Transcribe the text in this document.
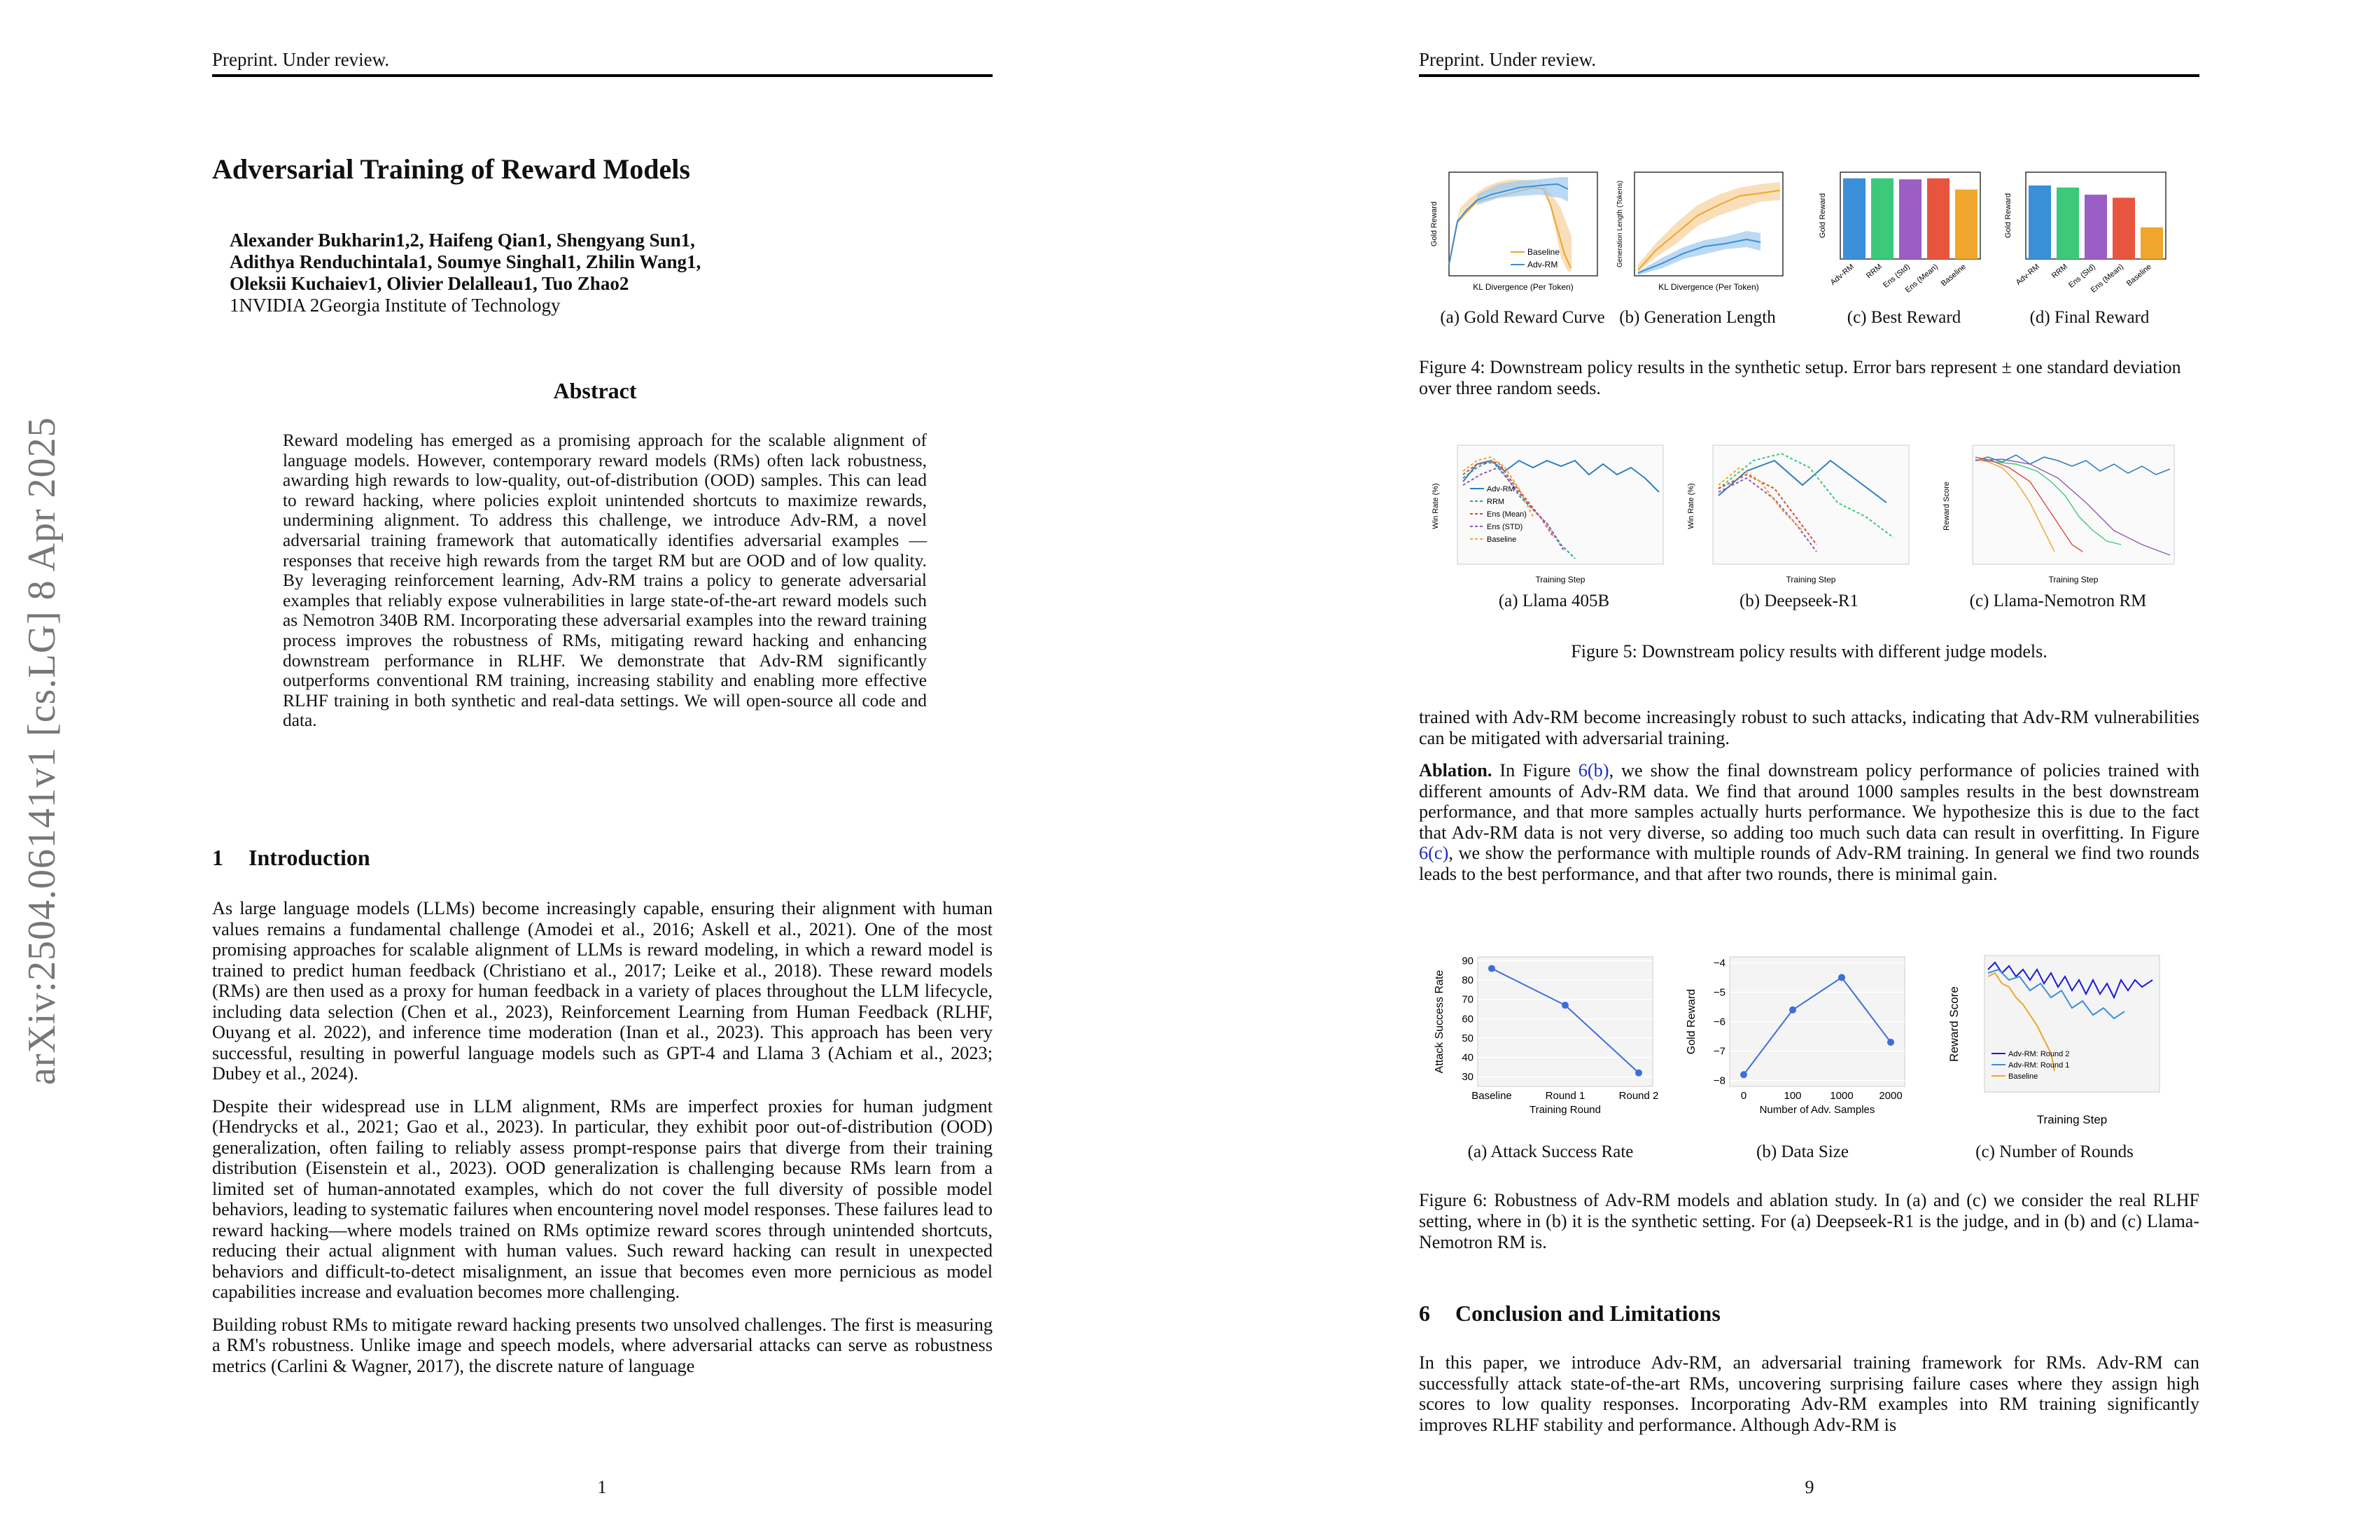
Preprint. Under review.
arXiv:2504.06141v1 [cs.LG] 8 Apr 2025
Adversarial Training of Reward Models
Alexander Bukharin1,2, Haifeng Qian1, Shengyang Sun1,
Adithya Renduchintala1, Soumye Singhal1, Zhilin Wang1,
Oleksii Kuchaiev1, Olivier Delalleau1, Tuo Zhao2
1NVIDIA 2Georgia Institute of Technology
Abstract
Reward modeling has emerged as a promising approach for the scalable alignment of language models. However, contemporary reward models (RMs) often lack robustness, awarding high rewards to low-quality, out-of-distribution (OOD) samples. This can lead to reward hacking, where policies exploit unintended shortcuts to maximize rewards, undermining alignment. To address this challenge, we introduce Adv-RM, a novel adversarial training framework that automatically identifies adversarial examples — responses that receive high rewards from the target RM but are OOD and of low quality. By leveraging reinforcement learning, Adv-RM trains a policy to generate adversarial examples that reliably expose vulnerabilities in large state-of-the-art reward models such as Nemotron 340B RM. Incorporating these adversarial examples into the reward training process improves the robustness of RMs, mitigating reward hacking and enhancing downstream performance in RLHF. We demonstrate that Adv-RM significantly outperforms conventional RM training, increasing stability and enabling more effective RLHF training in both synthetic and real-data settings. We will open-source all code and data.
1 Introduction

As large language models (LLMs) become increasingly capable, ensuring their alignment with human values remains a fundamental challenge (Amodei et al., 2016; Askell et al., 2021). One of the most promising approaches for scalable alignment of LLMs is reward modeling, in which a reward model is trained to predict human feedback (Christiano et al., 2017; Leike et al., 2018). These reward models (RMs) are then used as a proxy for human feedback in a variety of places throughout the LLM lifecycle, including data selection (Chen et al., 2023), Reinforcement Learning from Human Feedback (RLHF, Ouyang et al. 2022), and inference time moderation (Inan et al., 2023). This approach has been very successful, resulting in powerful language models such as GPT-4 and Llama 3 (Achiam et al., 2023; Dubey et al., 2024).

Despite their widespread use in LLM alignment, RMs are imperfect proxies for human judgment (Hendrycks et al., 2021; Gao et al., 2023). In particular, they exhibit poor out-of-distribution (OOD) generalization, often failing to reliably assess prompt-response pairs that diverge from their training distribution (Eisenstein et al., 2023). OOD generalization is challenging because RMs learn from a limited set of human-annotated examples, which do not cover the full diversity of possible model behaviors, leading to systematic failures when encountering novel model responses. These failures lead to reward hacking—where models trained on RMs optimize reward scores through unintended shortcuts, reducing their actual alignment with human values. Such reward hacking can result in unexpected behaviors and difficult-to-detect misalignment, an issue that becomes even more pernicious as model capabilities increase and evaluation becomes more challenging.

Building robust RMs to mitigate reward hacking presents two unsolved challenges. The first is measuring a RM's robustness. Unlike image and speech models, where adversarial attacks can serve as robustness metrics (Carlini & Wagner, 2017), the discrete nature of language

1
Preprint. Under review.
Baseline
Adv-RM
KL Divergence (Per Token)
Gold Reward
KL Divergence (Per Token)
Generation Length (Tokens)	Gold Reward
Adv-RM RRM
Ens (Std)
Ens (Mean) Baseline
Gold Reward
Adv-RM RRM
Ens (Std)
Ens (Mean) Baseline
(a) Gold Reward Curve (b) Generation Length	(c) Best Reward	(d) Final Reward
Figure 4: Downstream policy results in the synthetic setup. Error bars represent ± one standard deviation over three random seeds.
Adv-RM
RRM
Ens (Mean)
Ens (STD)
Baseline
Training Step
Win Rate (%)
Training Step
Win Rate (%)
Training Step
Reward Score
(a) Llama 405B	(b) Deepseek-R1	(c) Llama-Nemotron RM
Figure 5: Downstream policy results with different judge models.

trained with Adv-RM become increasingly robust to such attacks, indicating that Adv-RM vulnerabilities can be mitigated with adversarial training.

Ablation. In Figure 6(b), we show the final downstream policy performance of policies trained with different amounts of Adv-RM data. We find that around 1000 samples results in the best downstream performance, and that more samples actually hurts performance. We hypothesize this is due to the fact that Adv-RM data is not very diverse, so adding too much such data can result in overfitting. In Figure 6(c), we show the performance with multiple rounds of Adv-RM training. In general we find two rounds leads to the best performance, and that after two rounds, there is minimal gain.

30
40
50
60
70
80
90
Baseline	Round 1	Round 2
Training Round
Attack Success Rate
−4
−5
−6
−7
−8
0	100	1000 2000
Number of Adv. Samples
Gold Reward	Adv-RM: Round 2
Adv-RM: Round 1
Baseline
Training Step
Reward Score
(a) Attack Success Rate	(b) Data Size	(c) Number of Rounds
Figure 6: Robustness of Adv-RM models and ablation study. In (a) and (c) we consider the real RLHF setting, where in (b) it is the synthetic setting. For (a) Deepseek-R1 is the judge, and in (b) and (c) Llama-Nemotron RM is.
6 Conclusion and Limitations

In this paper, we introduce Adv-RM, an adversarial training framework for RMs. Adv-RM can successfully attack state-of-the-art RMs, uncovering surprising failure cases where they assign high scores to low quality responses. Incorporating Adv-RM examples into RM training significantly improves RLHF stability and performance. Although Adv-RM is

9
